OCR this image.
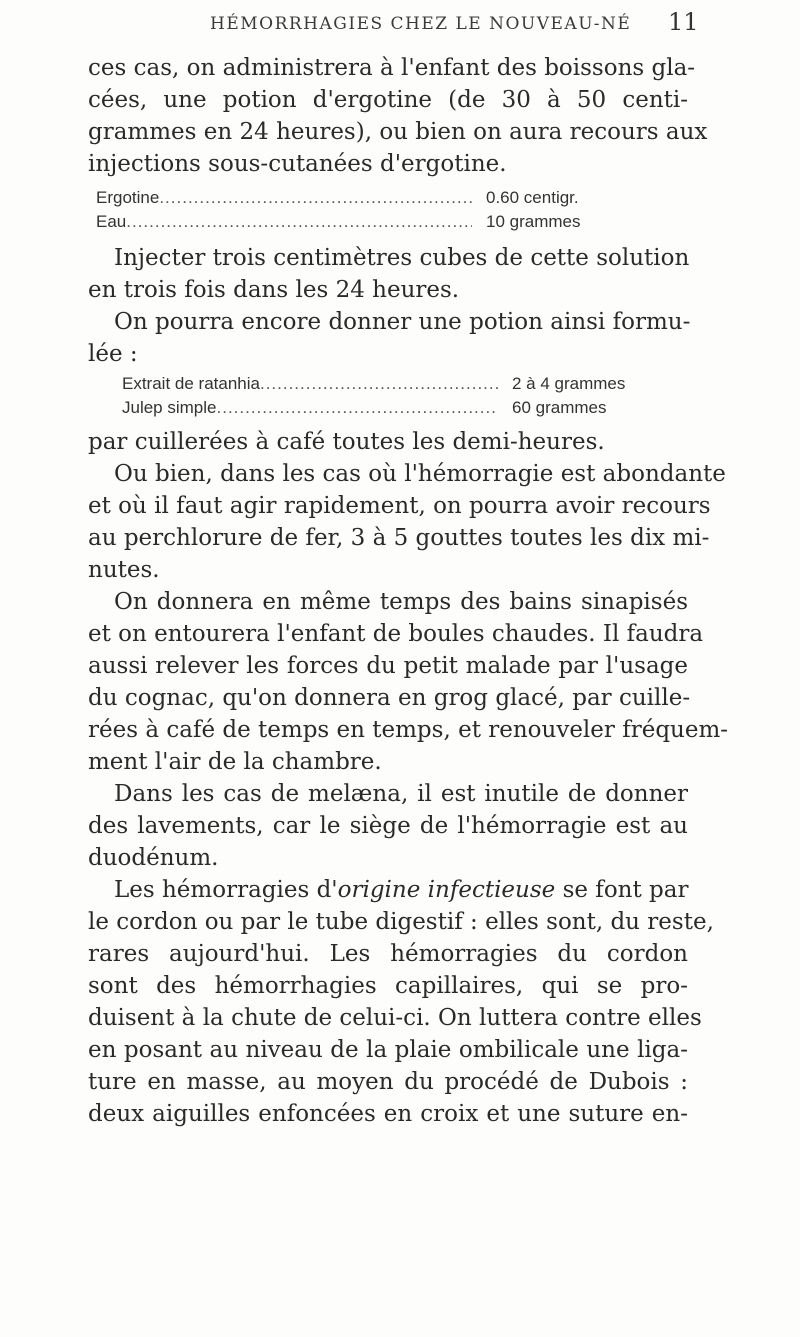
HÉMORRHAGIES CHEZ LE NOUVEAU-NÉ	11
ces cas, on administrera à l'enfant des boissons gla-
cées, une potion d'ergotine (de 30 à 50 centi-
grammes en 24 heures), ou bien on aura recours aux
injections sous-cutanées d'ergotine.
Ergotine .....	0.60 centigr.
Eau .....	10 grammes
Injecter trois centimètres cubes de cette solution
en trois fois dans les 24 heures.
On pourra encore donner une potion ainsi formu-
lée :
Extrait de ratanhia .....	2 à 4 grammes
Julep simple .....	60 grammes
par cuillerées à café toutes les demi-heures.
Ou bien, dans les cas où l'hémorragie est abondante
et où il faut agir rapidement, on pourra avoir recours
au perchlorure de fer, 3 à 5 gouttes toutes les dix mi-
nutes.
On donnera en même temps des bains sinapisés
et on entourera l'enfant de boules chaudes. Il faudra
aussi relever les forces du petit malade par l'usage
du cognac, qu'on donnera en grog glacé, par cuille-
rées à café de temps en temps, et renouveler fréquem-
ment l'air de la chambre.
Dans les cas de melæna, il est inutile de donner
des lavements, car le siège de l'hémorragie est au
duodénum.
Les hémorragies d'origine infectieuse se font par
le cordon ou par le tube digestif : elles sont, du reste,
rares aujourd'hui. Les hémorragies du cordon
sont des hémorrhagies capillaires, qui se pro-
duisent à la chute de celui-ci. On luttera contre elles
en posant au niveau de la plaie ombilicale une liga-
ture en masse, au moyen du procédé de Dubois :
deux aiguilles enfoncées en croix et une suture en-
